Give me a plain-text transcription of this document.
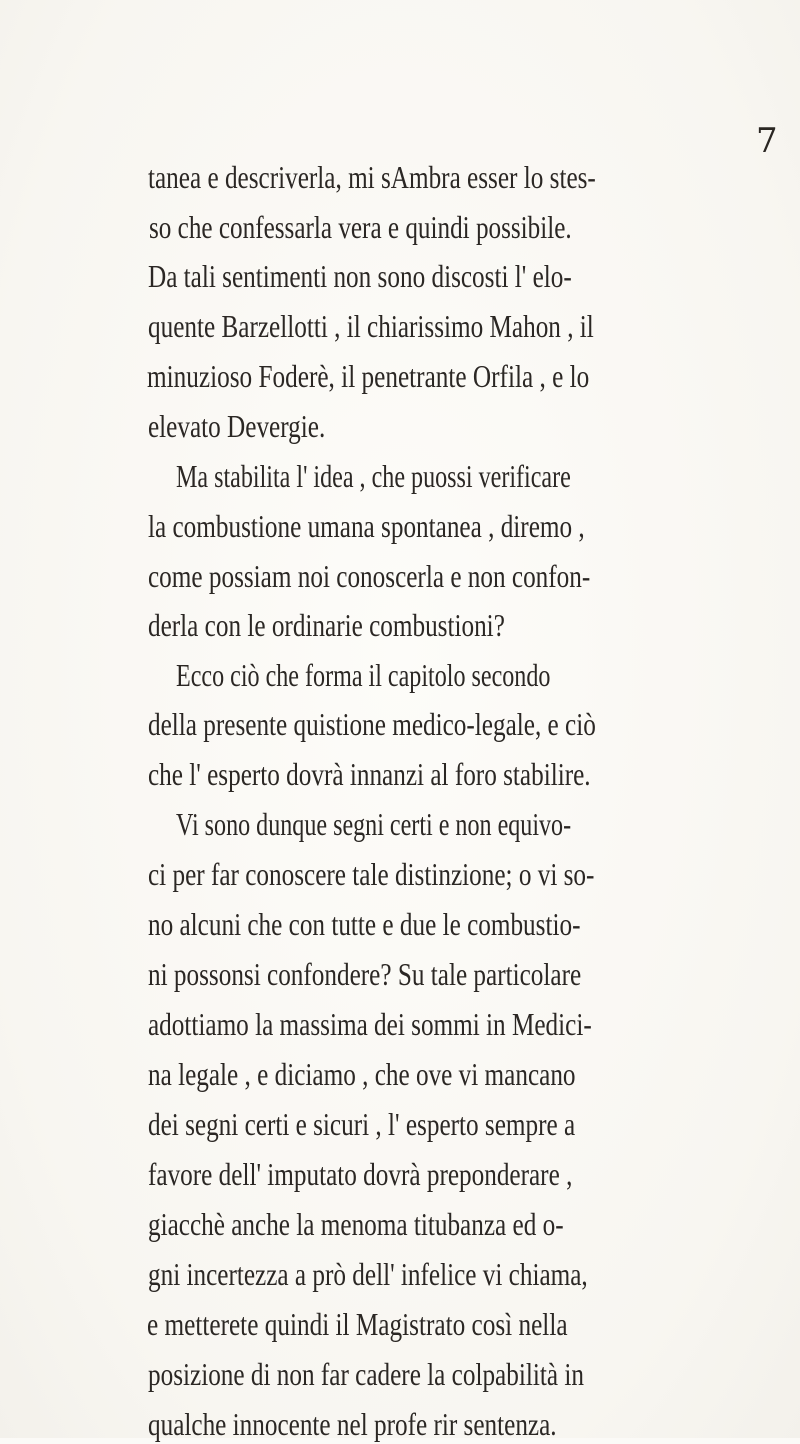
7
tanea e descriverla, mi sAmbra esser lo stes-
so che confessarla vera e quindi possibile.
Da tali sentimenti non sono discosti l' elo-
quente Barzellotti , il chiarissimo Mahon , il
minuzioso Foderè, il penetrante Orfila , e lo
elevato Devergie.
Ma stabilita l' idea , che puossi verificare
la combustione umana spontanea , diremo ,
come possiam noi conoscerla e non confon-
derla con le ordinarie combustioni?
Ecco ciò che forma il capitolo secondo
della presente quistione medico-legale, e ciò
che l' esperto dovrà innanzi al foro stabilire.
Vi sono dunque segni certi e non equivo-
ci per far conoscere tale distinzione; o vi so-
no alcuni che con tutte e due le combustio-
ni possonsi confondere? Su tale particolare
adottiamo la massima dei sommi in Medici-
na legale , e diciamo , che ove vi mancano
dei segni certi e sicuri , l' esperto sempre a
favore dell' imputato dovrà preponderare ,
giacchè anche la menoma titubanza ed o-
gni incertezza a prò dell' infelice vi chiama,
e metterete quindi il Magistrato così nella
posizione di non far cadere la colpabilità in
qualche innocente nel profe rir sentenza.
